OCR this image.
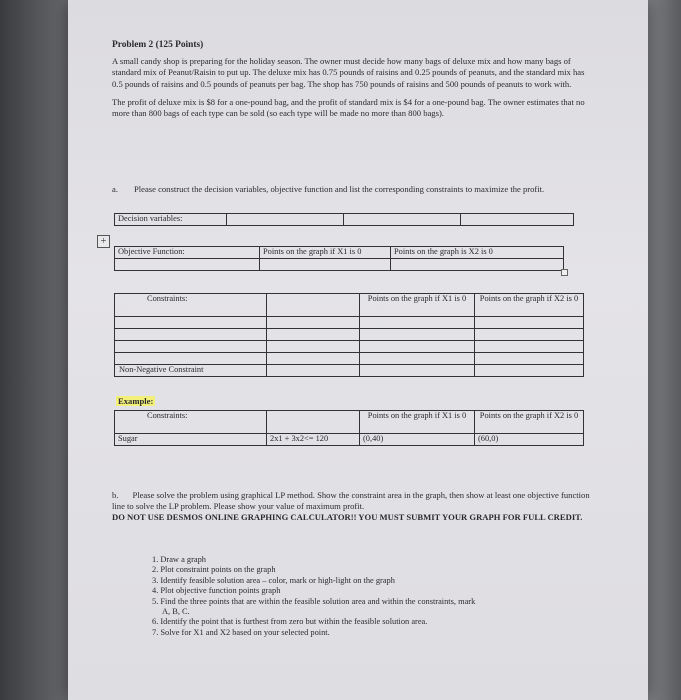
Problem 2 (125 Points)

A small candy shop is preparing for the holiday season. The owner must decide how many bags of deluxe mix and how many bags of standard mix of Peanut/Raisin to put up. The deluxe mix has 0.75 pounds of raisins and 0.25 pounds of peanuts, and the standard mix has 0.5 pounds of raisins and 0.5 pounds of peanuts per bag. The shop has 750 pounds of raisins and 500 pounds of peanuts to work with.

The profit of deluxe mix is $8 for a one-pound bag, and the profit of standard mix is $4 for a one-pound bag. The owner estimates that no more than 800 bags of each type can be sold (so each type will be made no more than 800 bags).

a. Please construct the decision variables, objective function and list the corresponding constraints to maximize the profit.
Decision variables:			
+
Objective Function:	Points on the graph if X1 is 0	Points on the graph is X2 is 0

Constraints:		Points on the graph if X1 is 0	Points on the graph if X2 is 0

Non-Negative Constraint			
Example:
Constraints:		Points on the graph if X1 is 0	Points on the graph if X2 is 0
Sugar	2x1 + 3x2<= 120	(0,40)	(60,0)
b. Please solve the problem using graphical LP method. Show the constraint area in the graph, then show at least one objective function line to solve the LP problem. Please show your value of maximum profit.
DO NOT USE DESMOS ONLINE GRAPHING CALCULATOR!! YOU MUST SUBMIT YOUR GRAPH FOR FULL CREDIT.
1. Draw a graph
2. Plot constraint points on the graph
3. Identify feasible solution area – color, mark or high-light on the graph
4. Plot objective function points graph
5. Find the three points that are within the feasible solution area and within the constraints, mark
A, B, C.
6. Identify the point that is furthest from zero but within the feasible solution area.
7. Solve for X1 and X2 based on your selected point.
